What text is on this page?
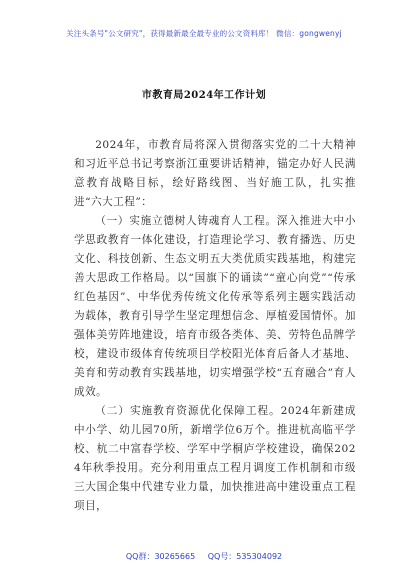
关注头条号"公文研究"，获得最新最全最专业的公文资料库！ 微信：gongwenyj
市教育局2024年工作计划

2024年，市教育局将深入贯彻落实党的二十大精神和习近平总书记考察浙江重要讲话精神，锚定办好人民满意教育战略目标，绘好路线图、当好施工队，扎实推进“六大工程”：

（一）实施立德树人铸魂育人工程。深入推进大中小学思政教育一体化建设，打造理论学习、教育播选、历史文化、科技创新、生态文明五大类优质实践基地，构建完善大思政工作格局。以“国旗下的诵读”“童心向党”“传承红色基因”、中华优秀传统文化传承等系列主题实践活动为载体，教育引导学生坚定理想信念、厚植爱国情怀。加强体美劳阵地建设，培育市级各类体、美、劳特色品牌学校，建设市级体育传统项目学校阳光体育后备人才基地、美育和劳动教育实践基地，切实增强学校“五育融合”育人成效。

（二）实施教育资源优化保障工程。2024年新建成中小学、幼儿园70所，新增学位6万个。推进杭高临平学校、杭二中富春学校、学军中学桐庐学校建设，确保2024年秋季投用。充分利用重点工程月调度工作机制和市级三大国企集中代建专业力量，加快推进高中建设重点工程项目，

QQ群：30265665 QQ号：535304092
